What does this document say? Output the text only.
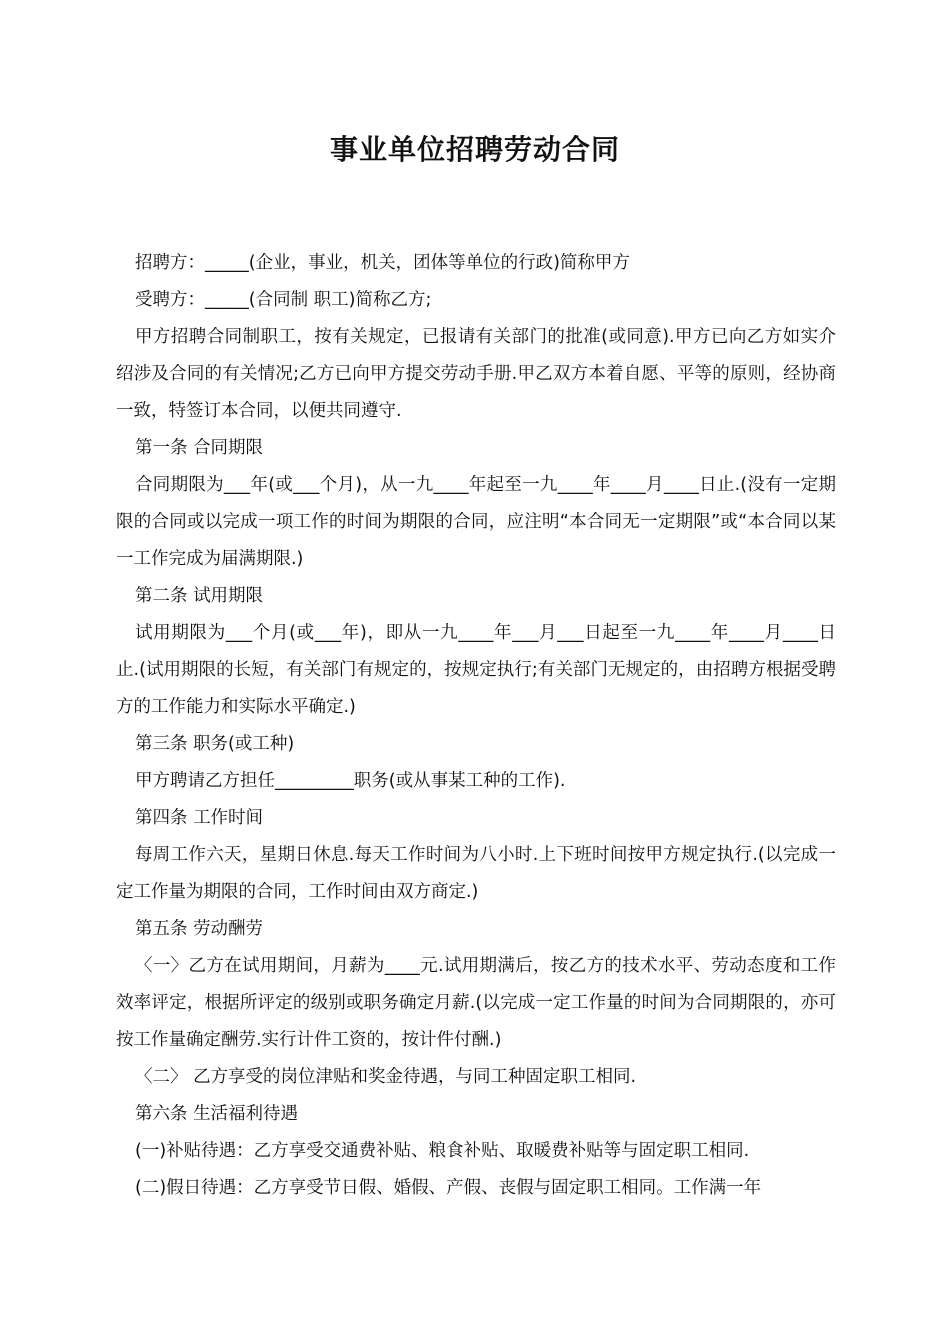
事业单位招聘劳动合同

招聘方：_____(企业，事业，机关，团体等单位的行政)简称甲方

受聘方：_____(合同制 职工)简称乙方;

甲方招聘合同制职工，按有关规定，已报请有关部门的批准(或同意).甲方已向乙方如实介绍涉及合同的有关情况;乙方已向甲方提交劳动手册.甲乙双方本着自愿、平等的原则，经协商一致，特签订本合同，以便共同遵守.

第一条 合同期限

合同期限为___年(或___个月)，从一九____年起至一九____年____月____日止.(没有一定期限的合同或以完成一项工作的时间为期限的合同，应注明“本合同无一定期限”或“本合同以某一工作完成为届满期限.)

第二条 试用期限

试用期限为___个月(或___年)，即从一九____年___月___日起至一九____年____月____日止.(试用期限的长短，有关部门有规定的，按规定执行;有关部门无规定的，由招聘方根据受聘方的工作能力和实际水平确定.)

第三条 职务(或工种)

甲方聘请乙方担任_________职务(或从事某工种的工作).

第四条 工作时间

每周工作六天，星期日休息.每天工作时间为八小时.上下班时间按甲方规定执行.(以完成一定工作量为期限的合同，工作时间由双方商定.)

第五条 劳动酬劳

〈一〉乙方在试用期间，月薪为____元.试用期满后，按乙方的技术水平、劳动态度和工作效率评定，根据所评定的级别或职务确定月薪.(以完成一定工作量的时间为合同期限的，亦可按工作量确定酬劳.实行计件工资的，按计件付酬.)

〈二〉 乙方享受的岗位津贴和奖金待遇，与同工种固定职工相同.

第六条 生活福利待遇

(一)补贴待遇：乙方享受交通费补贴、粮食补贴、取暖费补贴等与固定职工相同.

(二)假日待遇：乙方享受节日假、婚假、产假、丧假与固定职工相同。工作满一年
